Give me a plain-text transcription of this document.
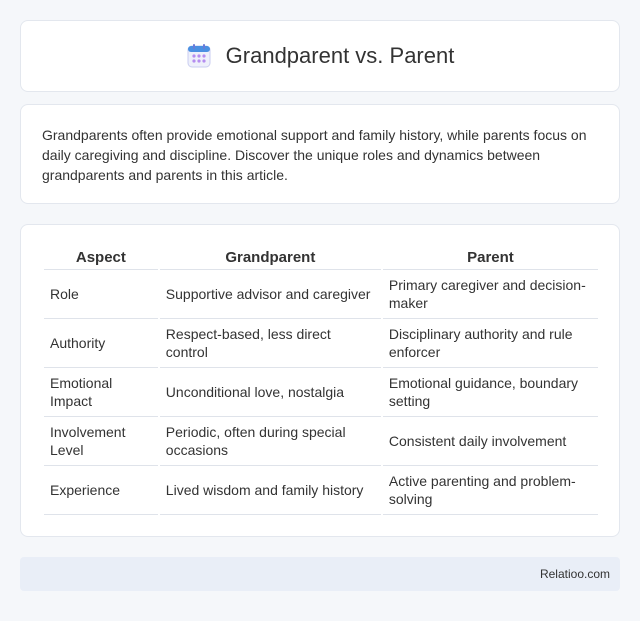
Grandparent vs. Parent

Grandparents often provide emotional support and family history, while parents focus on daily caregiving and discipline. Discover the unique roles and dynamics between grandparents and parents in this article.

Aspect	Grandparent	Parent
Role	Supportive advisor and caregiver	Primary caregiver and decision-maker
Authority	Respect-based, less direct control	Disciplinary authority and rule enforcer
Emotional Impact	Unconditional love, nostalgia	Emotional guidance, boundary setting
Involvement Level	Periodic, often during special occasions	Consistent daily involvement
Experience	Lived wisdom and family history	Active parenting and problem-solving
Relatioo.com
